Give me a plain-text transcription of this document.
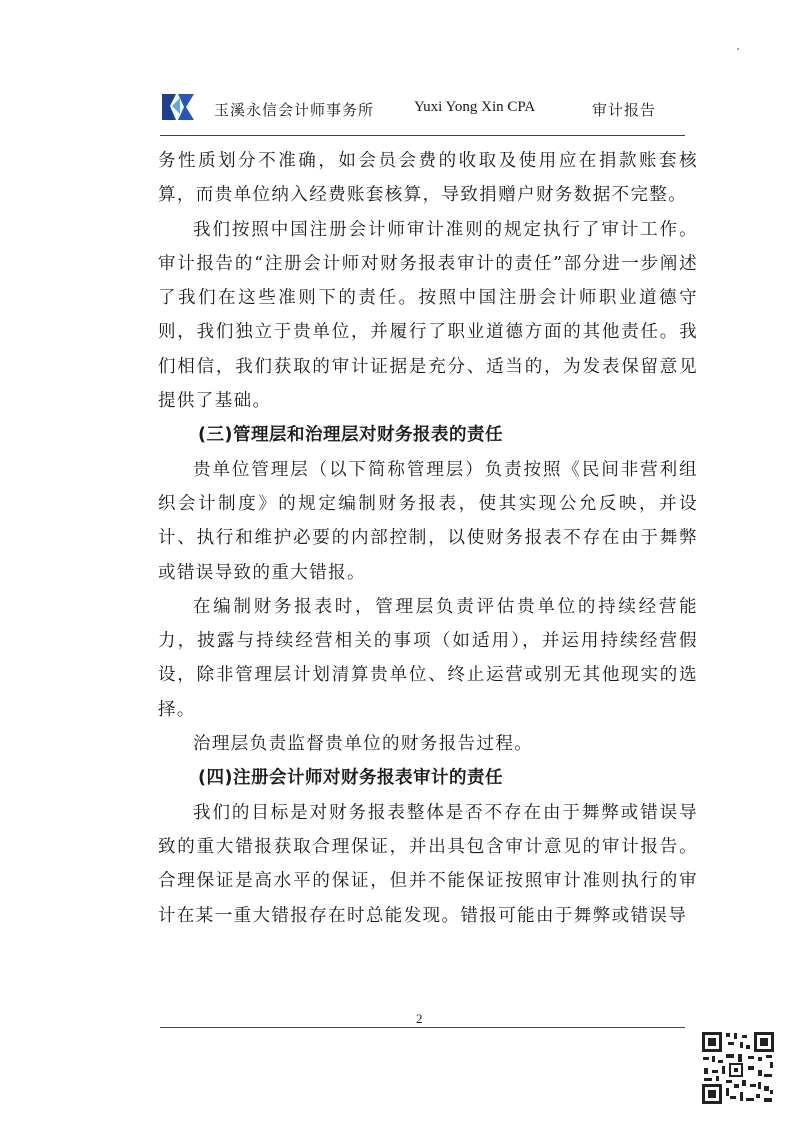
玉溪永信会计师事务所	Yuxi Yong Xin CPA	审计报告

务性质划分不准确，如会员会费的收取及使用应在捐款账套核算，而贵单位纳入经费账套核算，导致捐赠户财务数据不完整。

我们按照中国注册会计师审计准则的规定执行了审计工作。审计报告的“注册会计师对财务报表审计的责任”部分进一步阐述了我们在这些准则下的责任。按照中国注册会计师职业道德守则，我们独立于贵单位，并履行了职业道德方面的其他责任。我们相信，我们获取的审计证据是充分、适当的，为发表保留意见提供了基础。

(三)管理层和治理层对财务报表的责任

贵单位管理层（以下简称管理层）负责按照《民间非营利组织会计制度》的规定编制财务报表，使其实现公允反映，并设计、执行和维护必要的内部控制，以使财务报表不存在由于舞弊或错误导致的重大错报。

在编制财务报表时，管理层负责评估贵单位的持续经营能力，披露与持续经营相关的事项（如适用），并运用持续经营假设，除非管理层计划清算贵单位、终止运营或别无其他现实的选择。

治理层负责监督贵单位的财务报告过程。

(四)注册会计师对财务报表审计的责任

我们的目标是对财务报表整体是否不存在由于舞弊或错误导致的重大错报获取合理保证，并出具包含审计意见的审计报告。合理保证是高水平的保证，但并不能保证按照审计准则执行的审计在某一重大错报存在时总能发现。错报可能由于舞弊或错误导

2
